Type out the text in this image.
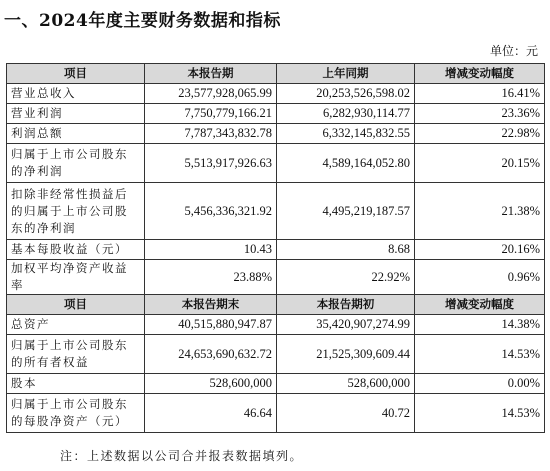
一、2024年度主要财务数据和指标
单位：元
项目	本报告期	上年同期	增减变动幅度
营业总收入	23,577,928,065.99	20,253,526,598.02	16.41%
营业利润	7,750,779,166.21	6,282,930,114.77	23.36%
利润总额	7,787,343,832.78	6,332,145,832.55	22.98%
归属于上市公司股东的净利润	5,513,917,926.63	4,589,164,052.80	20.15%
扣除非经常性损益后的归属于上市公司股东的净利润	5,456,336,321.92	4,495,219,187.57	21.38%
基本每股收益（元）	10.43	8.68	20.16%
加权平均净资产收益率	23.88%	22.92%	0.96%
项目	本报告期末	本报告期初	增减变动幅度
总资产	40,515,880,947.87	35,420,907,274.99	14.38%
归属于上市公司股东的所有者权益	24,653,690,632.72	21,525,309,609.44	14.53%
股本	528,600,000	528,600,000	0.00%
归属于上市公司股东的每股净资产（元）	46.64	40.72	14.53%
注：上述数据以公司合并报表数据填列。
